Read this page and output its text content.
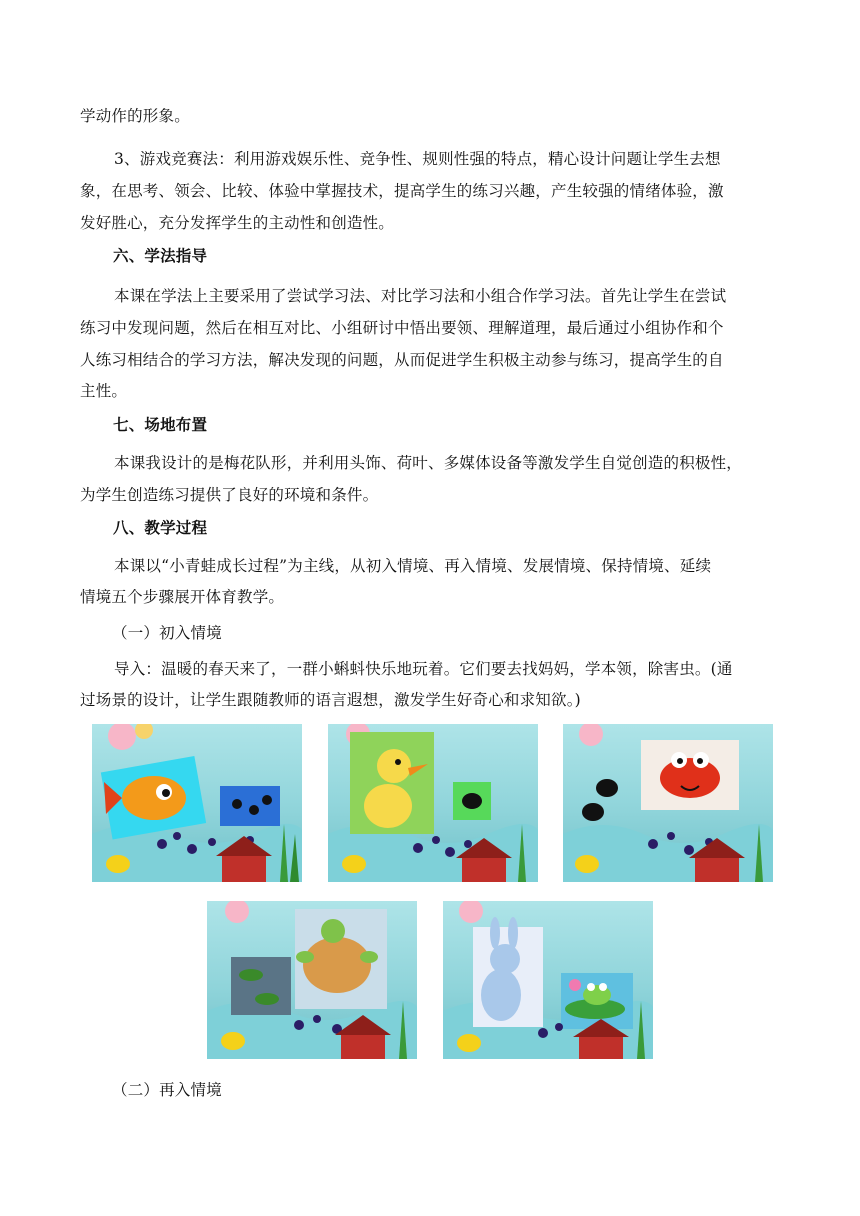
学动作的形象。
3、游戏竞赛法：利用游戏娱乐性、竞争性、规则性强的特点，精心设计问题让学生去想
象，在思考、领会、比较、体验中掌握技术，提高学生的练习兴趣，产生较强的情绪体验，激
发好胜心，充分发挥学生的主动性和创造性。
六、学法指导
本课在学法上主要采用了尝试学习法、对比学习法和小组合作学习法。首先让学生在尝试
练习中发现问题，然后在相互对比、小组研讨中悟出要领、理解道理，最后通过小组协作和个
人练习相结合的学习方法，解决发现的问题，从而促进学生积极主动参与练习，提高学生的自
主性。
七、场地布置
本课我设计的是梅花队形，并利用头饰、荷叶、多媒体设备等激发学生自觉创造的积极性，
为学生创造练习提供了良好的环境和条件。
八、教学过程
本课以“小青蛙成长过程”为主线，从初入情境、再入情境、发展情境、保持情境、延续
情境五个步骤展开体育教学。
（一）初入情境
导入：温暖的春天来了，一群小蝌蚪快乐地玩着。它们要去找妈妈，学本领，除害虫。(通
过场景的设计，让学生跟随教师的语言遐想，激发学生好奇心和求知欲。)
（二）再入情境
